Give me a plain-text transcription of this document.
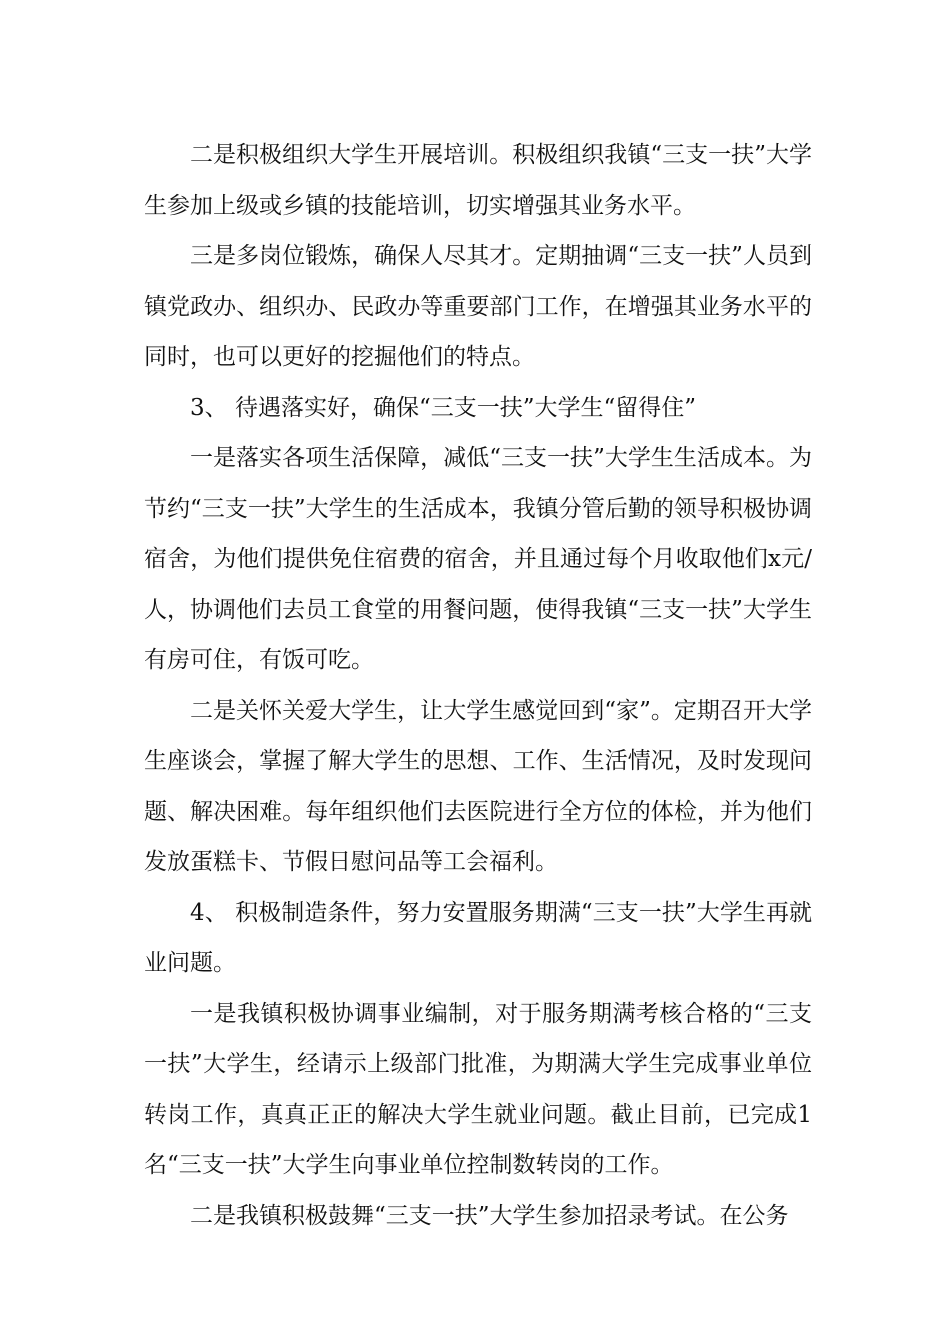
二是积极组织大学生开展培训。积极组织我镇“三支一扶”大学生参加上级或乡镇的技能培训，切实增强其业务水平。

三是多岗位锻炼，确保人尽其才。定期抽调“三支一扶”人员到镇党政办、组织办、民政办等重要部门工作，在增强其业务水平的同时，也可以更好的挖掘他们的特点。

3、 待遇落实好，确保“三支一扶”大学生“留得住”

一是落实各项生活保障，减低“三支一扶”大学生生活成本。为节约“三支一扶”大学生的生活成本，我镇分管后勤的领导积极协调宿舍，为他们提供免住宿费的宿舍，并且通过每个月收取他们x元/人，协调他们去员工食堂的用餐问题，使得我镇“三支一扶”大学生有房可住，有饭可吃。

二是关怀关爱大学生，让大学生感觉回到“家”。定期召开大学生座谈会，掌握了解大学生的思想、工作、生活情况，及时发现问题、解决困难。每年组织他们去医院进行全方位的体检，并为他们发放蛋糕卡、节假日慰问品等工会福利。

4、 积极制造条件，努力安置服务期满“三支一扶”大学生再就业问题。

一是我镇积极协调事业编制，对于服务期满考核合格的“三支一扶”大学生，经请示上级部门批准，为期满大学生完成事业单位转岗工作，真真正正的解决大学生就业问题。截止目前，已完成1名“三支一扶”大学生向事业单位控制数转岗的工作。

二是我镇积极鼓舞“三支一扶”大学生参加招录考试。在公务
